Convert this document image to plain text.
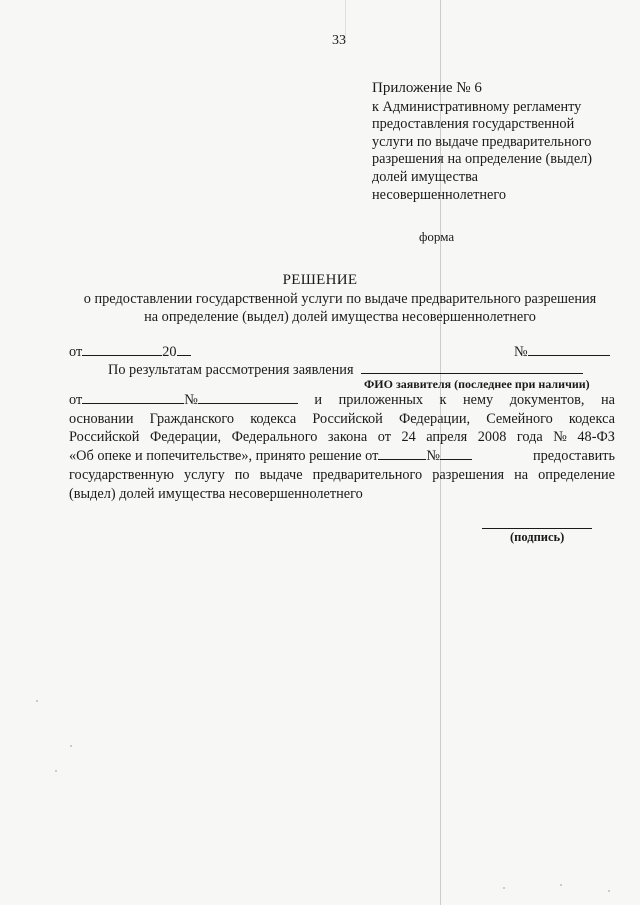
33
Приложение № 6
к Административному регламенту
предоставления государственной
услуги по выдаче предварительного
разрешения на определение (выдел)
долей имущества
несовершеннолетнего
форма
РЕШЕНИЕ
о предоставлении государственной услуги по выдаче предварительного разрешения
на определение (выдел) долей имущества несовершеннолетнего
от	20	№
По результатам рассмотрения заявления
ФИО заявителя (последнее при наличии)
от	№	и приложенных к нему документов, на
основании Гражданского кодекса Российской Федерации, Семейного кодекса
Российской Федерации, Федерального закона от 24 апреля 2008 года № 48-ФЗ
«Об опеке и попечительстве», принято решение от	№	предоставить
государственную услугу по выдаче предварительного разрешения на определение
(выдел) долей имущества несовершеннолетнего
(подпись)
